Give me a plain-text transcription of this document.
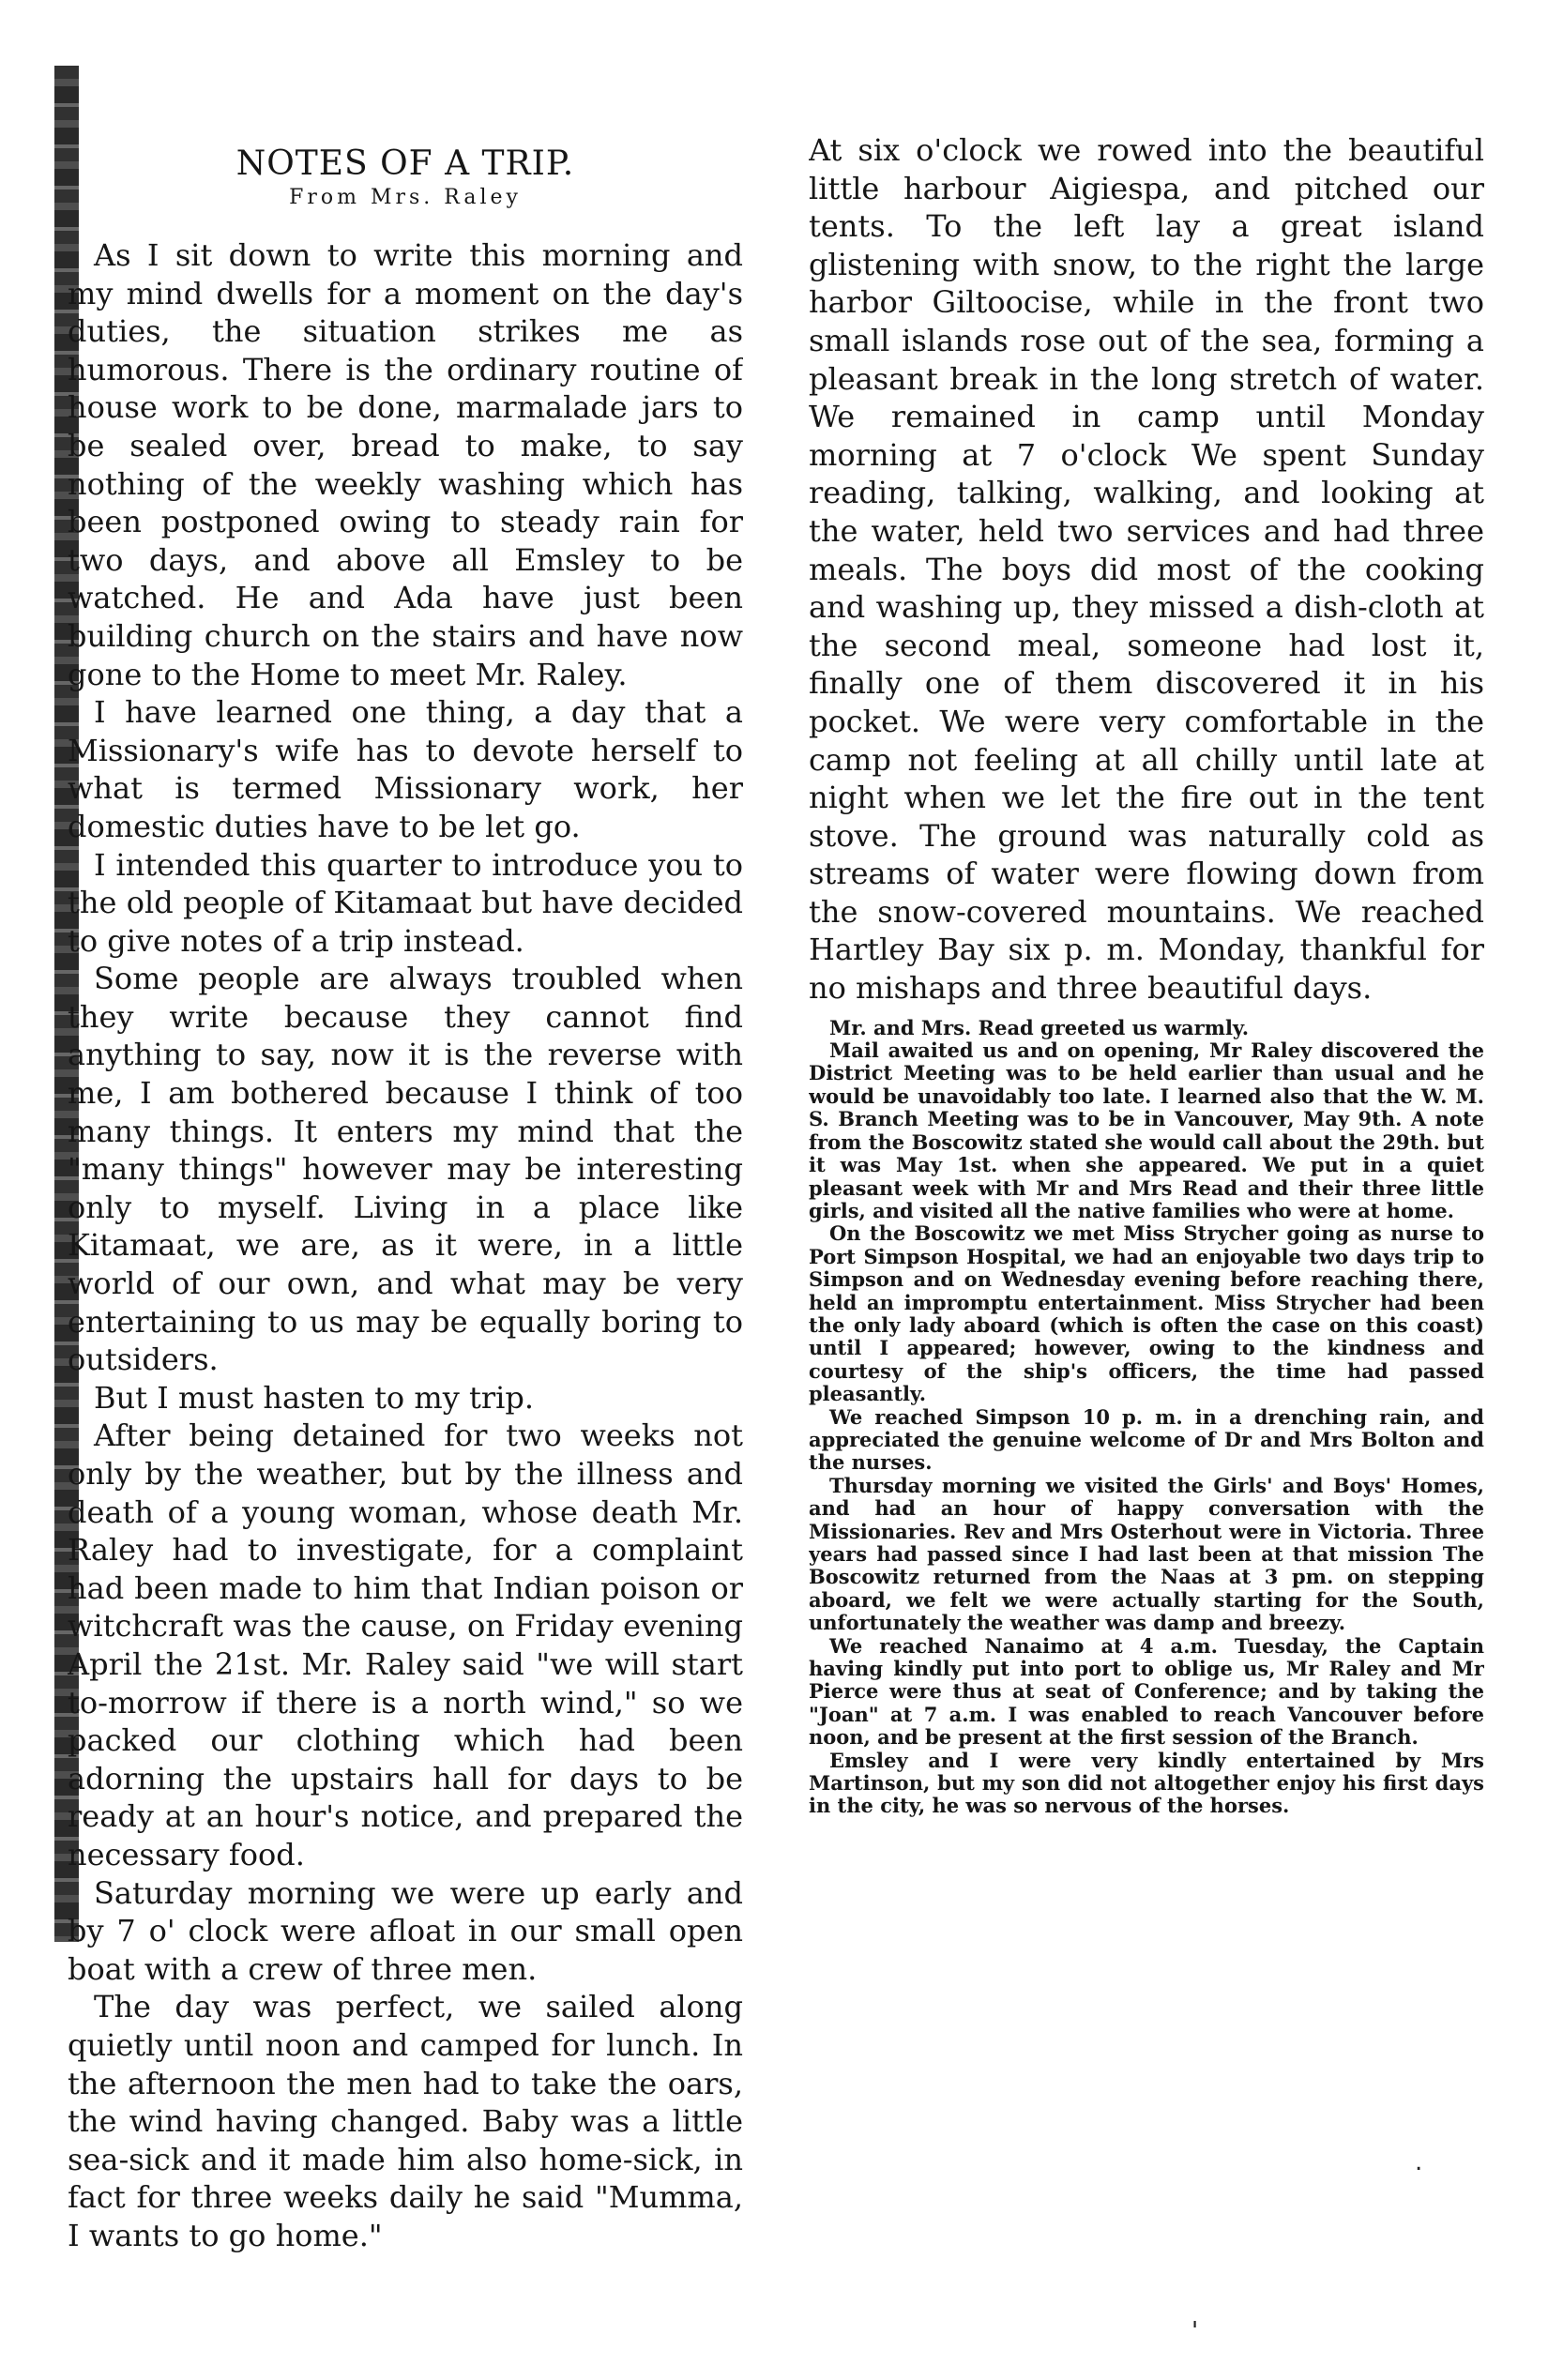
NOTES OF A TRIP.
From Mrs. Raley

As I sit down to write this morning and my mind dwells for a moment on the day's duties, the situation strikes me as humorous. There is the ordinary routine of house work to be done, marmalade jars to be sealed over, bread to make, to say nothing of the weekly washing which has been postponed owing to steady rain for two days, and above all Emsley to be watched. He and Ada have just been building church on the stairs and have now gone to the Home to meet Mr. Raley.

I have learned one thing, a day that a Missionary's wife has to devote herself to what is termed Missionary work, her domestic duties have to be let go.

I intended this quarter to introduce you to the old people of Kitamaat but have decided to give notes of a trip instead.

Some people are always troubled when they write because they cannot find anything to say, now it is the reverse with me, I am bothered because I think of too many things. It enters my mind that the "many things" however may be interesting only to myself. Living in a place like Kitamaat, we are, as it were, in a little world of our own, and what may be very entertaining to us may be equally boring to outsiders.

But I must hasten to my trip.

After being detained for two weeks not only by the weather, but by the illness and death of a young woman, whose death Mr. Raley had to investigate, for a complaint had been made to him that Indian poison or witchcraft was the cause, on Friday evening April the 21st. Mr. Raley said "we will start to-morrow if there is a north wind," so we packed our clothing which had been adorning the upstairs hall for days to be ready at an hour's notice, and prepared the necessary food.

Saturday morning we were up early and by 7 o' clock were afloat in our small open boat with a crew of three men.

The day was perfect, we sailed along quietly until noon and camped for lunch. In the afternoon the men had to take the oars, the wind having changed. Baby was a little sea-sick and it made him also home-sick, in fact for three weeks daily he said "Mumma, I wants to go home."

At six o'clock we rowed into the beautiful little harbour Aigiespa, and pitched our tents. To the left lay a great island glistening with snow, to the right the large harbor Giltoocise, while in the front two small islands rose out of the sea, forming a pleasant break in the long stretch of water. We remained in camp until Monday morning at 7 o'clock We spent Sunday reading, talking, walking, and looking at the water, held two services and had three meals. The boys did most of the cooking and washing up, they missed a dish-cloth at the second meal, someone had lost it, finally one of them discovered it in his pocket. We were very comfortable in the camp not feeling at all chilly until late at night when we let the fire out in the tent stove. The ground was naturally cold as streams of water were flowing down from the snow-covered mountains. We reached Hartley Bay six p. m. Monday, thankful for no mishaps and three beautiful days.

Mr. and Mrs. Read greeted us warmly.

Mail awaited us and on opening, Mr Raley discovered the District Meeting was to be held earlier than usual and he would be unavoidably too late. I learned also that the W. M. S. Branch Meeting was to be in Vancouver, May 9th. A note from the Boscowitz stated she would call about the 29th. but it was May 1st. when she appeared. We put in a quiet pleasant week with Mr and Mrs Read and their three little girls, and visited all the native families who were at home.

On the Boscowitz we met Miss Strycher going as nurse to Port Simpson Hospital, we had an enjoyable two days trip to Simpson and on Wednesday evening before reaching there, held an impromptu entertainment. Miss Strycher had been the only lady aboard (which is often the case on this coast) until I appeared; however, owing to the kindness and courtesy of the ship's officers, the time had passed pleasantly.

We reached Simpson 10 p. m. in a drenching rain, and appreciated the genuine welcome of Dr and Mrs Bolton and the nurses.

Thursday morning we visited the Girls' and Boys' Homes, and had an hour of happy conversation with the Missionaries. Rev and Mrs Osterhout were in Victoria. Three years had passed since I had last been at that mission The Boscowitz returned from the Naas at 3 pm. on stepping aboard, we felt we were actually starting for the South, unfortunately the weather was damp and breezy.

We reached Nanaimo at 4 a.m. Tuesday, the Captain having kindly put into port to oblige us, Mr Raley and Mr Pierce were thus at seat of Conference; and by taking the "Joan" at 7 a.m. I was enabled to reach Vancouver before noon, and be present at the first session of the Branch.

Emsley and I were very kindly entertained by Mrs Martinson, but my son did not altogether enjoy his first days in the city, he was so nervous of the horses.

.
'
